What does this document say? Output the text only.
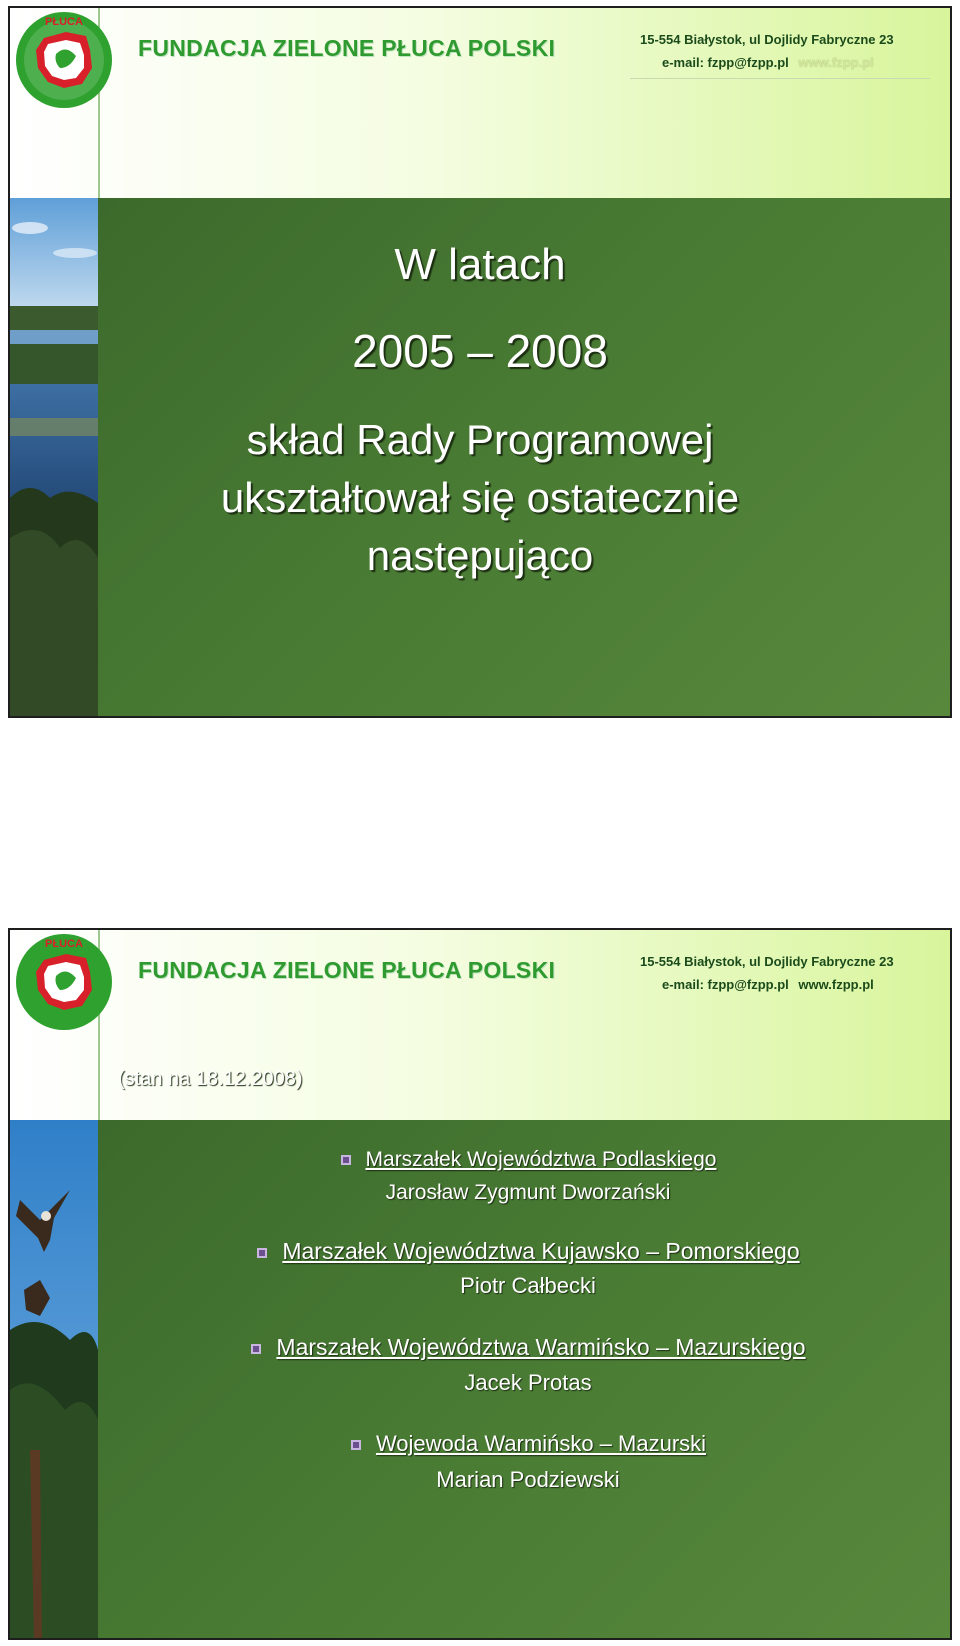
PŁUCA
FUNDACJA ZIELONE PŁUCA POLSKI	15-554 Białystok, ul Dojlidy Fabryczne 23
e-mail: fzpp@fzpp.pl www.fzpp.pl
W latach
2005 – 2008
skład Rady Programowej
ukształtował się ostatecznie
następująco
PŁUCA
FUNDACJA ZIELONE PŁUCA POLSKI	15-554 Białystok, ul Dojlidy Fabryczne 23
e-mail: fzpp@fzpp.pl www.fzpp.pl
(stan na 18.12.2008)
Marszałek Województwa Podlaskiego
Jarosław Zygmunt Dworzański
Marszałek Województwa Kujawsko – Pomorskiego
Piotr Całbecki
Marszałek Województwa Warmińsko – Mazurskiego
Jacek Protas
Wojewoda Warmińsko – Mazurski
Marian Podziewski
